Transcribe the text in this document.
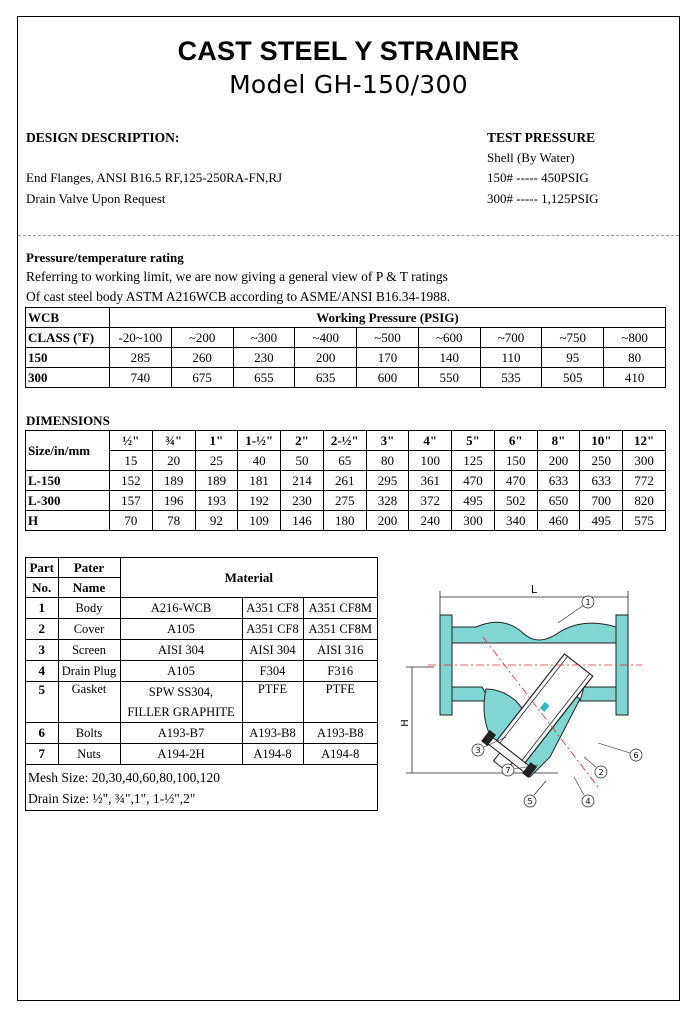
CAST STEEL Y STRAINER
Model GH-150/300
DESIGN DESCRIPTION:
End Flanges, ANSI B16.5 RF,125-250RA-FN,RJ
Drain Valve Upon Request
TEST PRESSURE
Shell (By Water)
150# ----- 450PSIG
300# ----- 1,125PSIG
Pressure/temperature rating
Referring to working limit, we are now giving a general view of P & T ratings
Of cast steel body ASTM A216WCB according to ASME/ANSI B16.34-1988.
WCB	Working Pressure (PSIG)								
CLASS (˚F)	-20~100	~200	~300	~400	~500	~600	~700	~750	~800
150	285	260	230	200	170	140	110	95	80
300	740	675	655	635	600	550	535	505	410
DIMENSIONS
Size/in/mm	½"	¾"	1"	1-½"	2"	2-½"	3"	4"	5"	6"	8"	10"	12"
	15	20	25	40	50	65	80	100	125	150	200	250	300
L-150	152	189	189	181	214	261	295	361	470	470	633	633	772
L-300	157	196	193	192	230	275	328	372	495	502	650	700	820
H	70	78	92	109	146	180	200	240	300	340	460	495	575
Part	Pater	Material		
No.	Name			
1	Body	A216-WCB	A351 CF8	A351 CF8M
2	Cover	A105	A351 CF8	A351 CF8M
3	Screen	AISI 304	AISI 304	AISI 316
4	Drain Plug	A105	F304	F316
5	Gasket	SPW SS304,	PTFE	PTFE
		FILLER GRAPHITE		
6	Bolts	A193-B7	A193-B8	A193-B8
7	Nuts	A194-2H	A194-8	A194-8
Mesh Size: 20,30,40,60,80,100,120
Drain Size: ½", ¾",1", 1-½",2"
L
H
1
2
3
4
5
6
7
